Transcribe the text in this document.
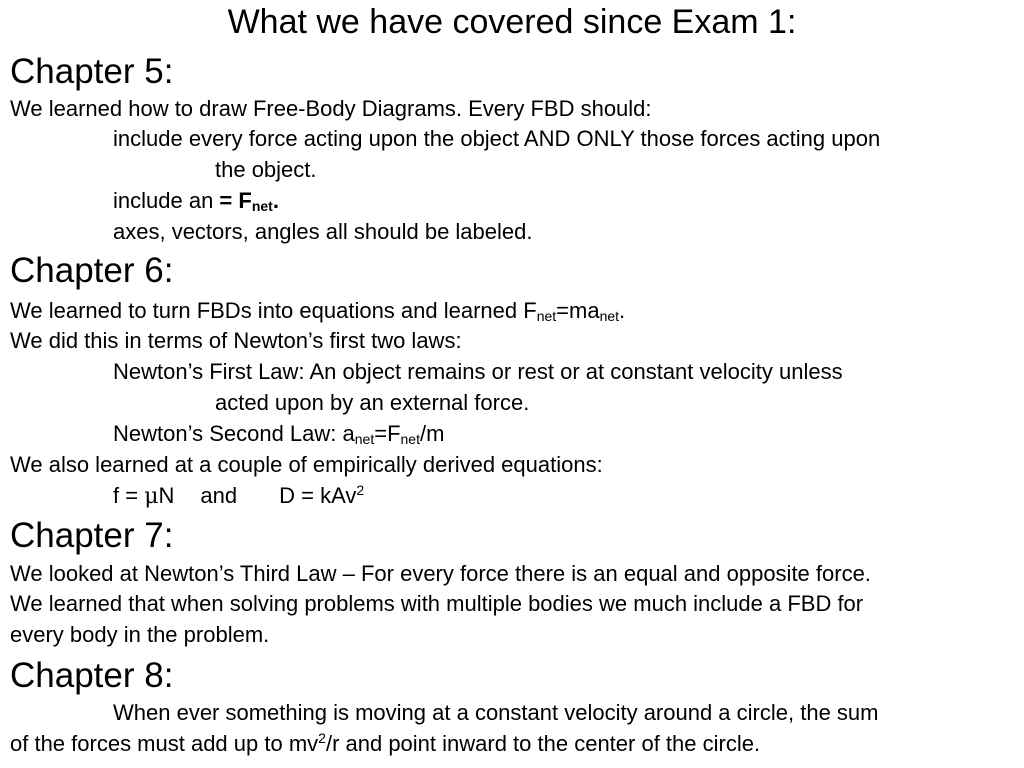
What we have covered since Exam 1:
Chapter 5:
We learned how to draw Free-Body Diagrams. Every FBD should:
include every force acting upon the object AND ONLY those forces acting upon
the object.
include an = $F_{net}$.
axes, vectors, angles all should be labeled.
Chapter 6:
We learned to turn FBDs into equations and learned $F_{net}=ma_{net}$.
We did this in terms of Newton’s first two laws:
Newton’s First Law: An object remains or rest or at constant velocity unless
acted upon by an external force.
Newton’s Second Law: $a_{net}=F_{net}/m$
We also learned at a couple of empirically derived equations:
f = μN and D = kAv$^2$
Chapter 7:
We looked at Newton’s Third Law – For every force there is an equal and opposite force.
We learned that when solving problems with multiple bodies we much include a FBD for
every body in the problem.
Chapter 8:
When ever something is moving at a constant velocity around a circle, the sum
of the forces must add up to $mv^2/r$ and point inward to the center of the circle.
